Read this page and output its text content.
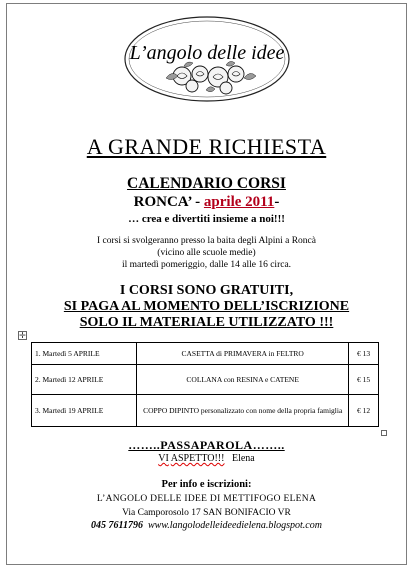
L’angolo delle idee
A GRANDE RICHIESTA
CALENDARIO CORSI
RONCA’ - aprile 2011-
… crea e divertiti insieme a noi!!!
I corsi si svolgeranno presso la baita degli Alpini a Roncà
(vicino alle scuole medie)
il martedì pomeriggio, dalle 14 alle 16 circa.
I CORSI SONO GRATUITI,
SI PAGA AL MOMENTO DELL’ISCRIZIONE
SOLO IL MATERIALE UTILIZZATO !!!
✛
1. Martedì 5 APRILE	CASETTA di PRIMAVERA in FELTRO	€ 13
2. Martedì 12 APRILE	COLLANA con RESINA e CATENE	€ 15
3. Martedì 19 APRILE	COPPO DIPINTO personalizzato con nome della propria famiglia	€ 12
……..PASSAPAROLA……..
VI ASPETTO!!! Elena
Per info e iscrizioni:
L’ANGOLO DELLE IDEE DI METTIFOGO ELENA
Via Camporosolo 17 SAN BONIFACIO VR
045 7611796 www.langolodelleideedielena.blogspot.com
